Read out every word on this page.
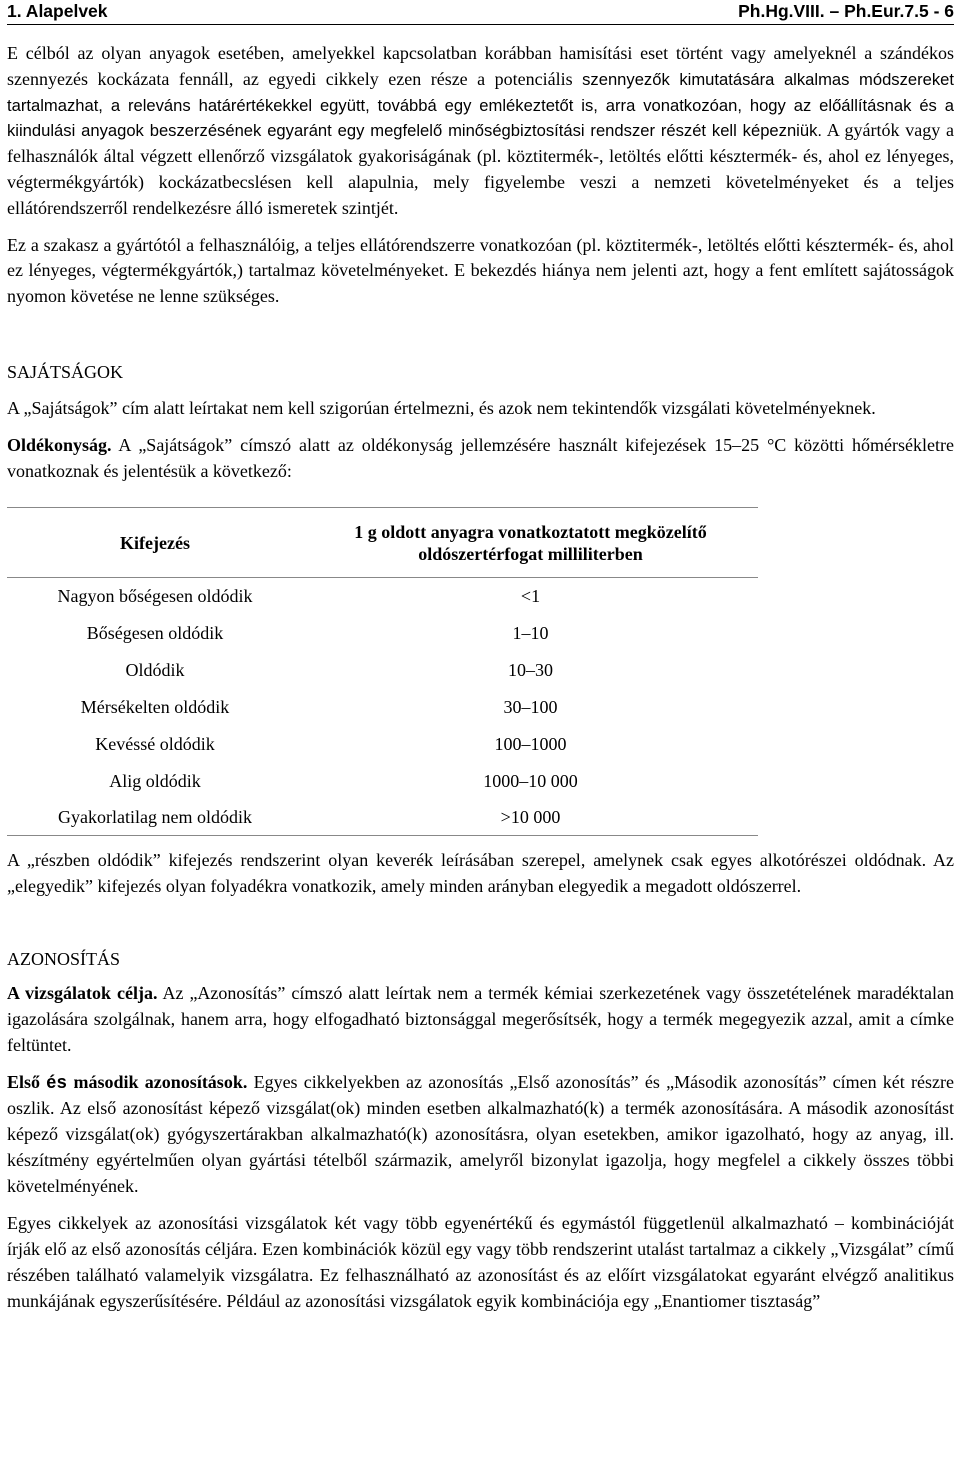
1. Alapelvek	Ph.Hg.VIII. – Ph.Eur.7.5 - 6

E célból az olyan anyagok esetében, amelyekkel kapcsolatban korábban hamisítási eset történt vagy amelyeknél a szándékos szennyezés kockázata fennáll, az egyedi cikkely ezen része a potenciális szennyezők kimutatására alkalmas módszereket tartalmazhat, a releváns határértékekkel együtt, továbbá egy emlékeztetőt is, arra vonatkozóan, hogy az előállításnak és a kiindulási anyagok beszerzésének egyaránt egy megfelelő minőségbiztosítási rendszer részét kell képezniük. A gyártók vagy a felhasználók által végzett ellenőrző vizsgálatok gyakoriságának (pl. köztitermék-, letöltés előtti késztermék- és, ahol ez lényeges, végtermékgyártók) kockázatbecslésen kell alapulnia, mely figyelembe veszi a nemzeti követelményeket és a teljes ellátórendszerről rendelkezésre álló ismeretek szintjét.

Ez a szakasz a gyártótól a felhasználóig, a teljes ellátórendszerre vonatkozóan (pl. köztitermék-, letöltés előtti késztermék- és, ahol ez lényeges, végtermékgyártók,) tartalmaz követelményeket. E bekezdés hiánya nem jelenti azt, hogy a fent említett sajátosságok nyomon követése ne lenne szükséges.

SAJÁTSÁGOK

A „Sajátságok” cím alatt leírtakat nem kell szigorúan értelmezni, és azok nem tekintendők vizsgálati követelményeknek.

Oldékonyság. A „Sajátságok” címszó alatt az oldékonyság jellemzésére használt kifejezések 15–25 °C közötti hőmérsékletre vonatkoznak és jelentésük a következő:

Kifejezés	1 g oldott anyagra vonatkoztatott megközelítő oldószertérfogat milliliterben
Nagyon bőségesen oldódik	<1
Bőségesen oldódik	1–10
Oldódik	10–30
Mérsékelten oldódik	30–100
Kevéssé oldódik	100–1000
Alig oldódik	1000–10 000
Gyakorlatilag nem oldódik	>10 000

A „részben oldódik” kifejezés rendszerint olyan keverék leírásában szerepel, amelynek csak egyes alkotórészei oldódnak. Az „elegyedik” kifejezés olyan folyadékra vonatkozik, amely minden arányban elegyedik a megadott oldószerrel.

AZONOSÍTÁS

A vizsgálatok célja. Az „Azonosítás” címszó alatt leírtak nem a termék kémiai szerkezetének vagy összetételének maradéktalan igazolására szolgálnak, hanem arra, hogy elfogadható biztonsággal megerősítsék, hogy a termék megegyezik azzal, amit a címke feltüntet.

Első és második azonosítások. Egyes cikkelyekben az azonosítás „Első azonosítás” és „Második azonosítás” címen két részre oszlik. Az első azonosítást képező vizsgálat(ok) minden esetben alkalmazható(k) a termék azonosítására. A második azonosítást képező vizsgálat(ok) gyógyszertárakban alkalmazható(k) azonosításra, olyan esetekben, amikor igazolható, hogy az anyag, ill. készítmény egyértelműen olyan gyártási tételből származik, amelyről bizonylat igazolja, hogy megfelel a cikkely összes többi követelményének.

Egyes cikkelyek az azonosítási vizsgálatok két vagy több egyenértékű és egymástól függetlenül alkalmazható – kombinációját írják elő az első azonosítás céljára. Ezen kombinációk közül egy vagy több rendszerint utalást tartalmaz a cikkely „Vizsgálat” című részében található valamelyik vizsgálatra. Ez felhasználható az azonosítást és az előírt vizsgálatokat egyaránt elvégző analitikus munkájának egyszerűsítésére. Például az azonosítási vizsgálatok egyik kombinációja egy „Enantiomer tisztaság”
